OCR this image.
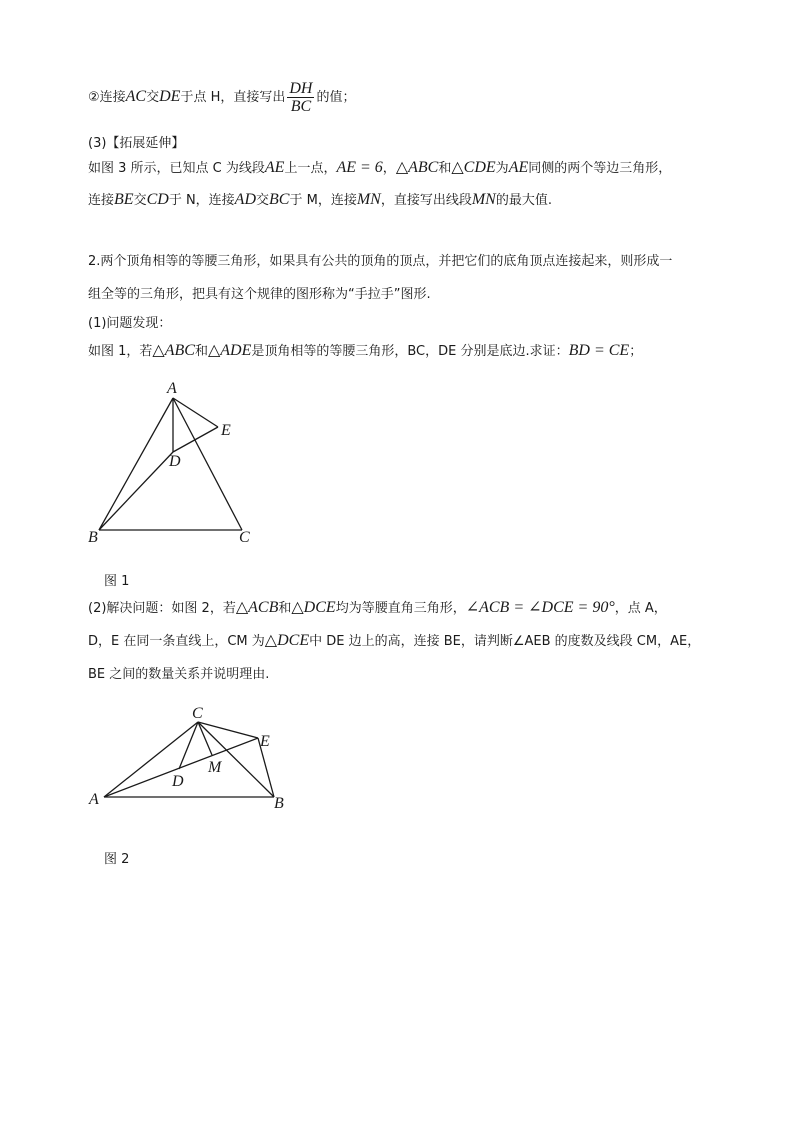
②连接AC交DE于点 H，直接写出 $\frac{DH}{BC}$ 的值；
(3)【拓展延伸】
如图 3 所示，已知点 C 为线段AE上一点，AE = 6，△ABC和△CDE为AE同侧的两个等边三角形，
连接BE交CD于 N，连接AD交BC于 M，连接MN，直接写出线段MN的最大值.
2.两个顶角相等的等腰三角形，如果具有公共的顶角的顶点，并把它们的底角顶点连接起来，则形成一
组全等的三角形，把具有这个规律的图形称为“手拉手”图形.
(1)问题发现：
如图 1，若△ABC和△ADE是顶角相等的等腰三角形，BC，DE 分别是底边.求证：BD = CE；
A
E
D
B	C
C
E
M
D
A	B
图 1
(2)解决问题：如图 2，若△ACB和△DCE均为等腰直角三角形，∠ACB = ∠DCE = 90°，点 A，
D，E 在同一条直线上，CM 为△DCE中 DE 边上的高，连接 BE，请判断∠AEB 的度数及线段 CM，AE，
BE 之间的数量关系并说明理由.
图 2
